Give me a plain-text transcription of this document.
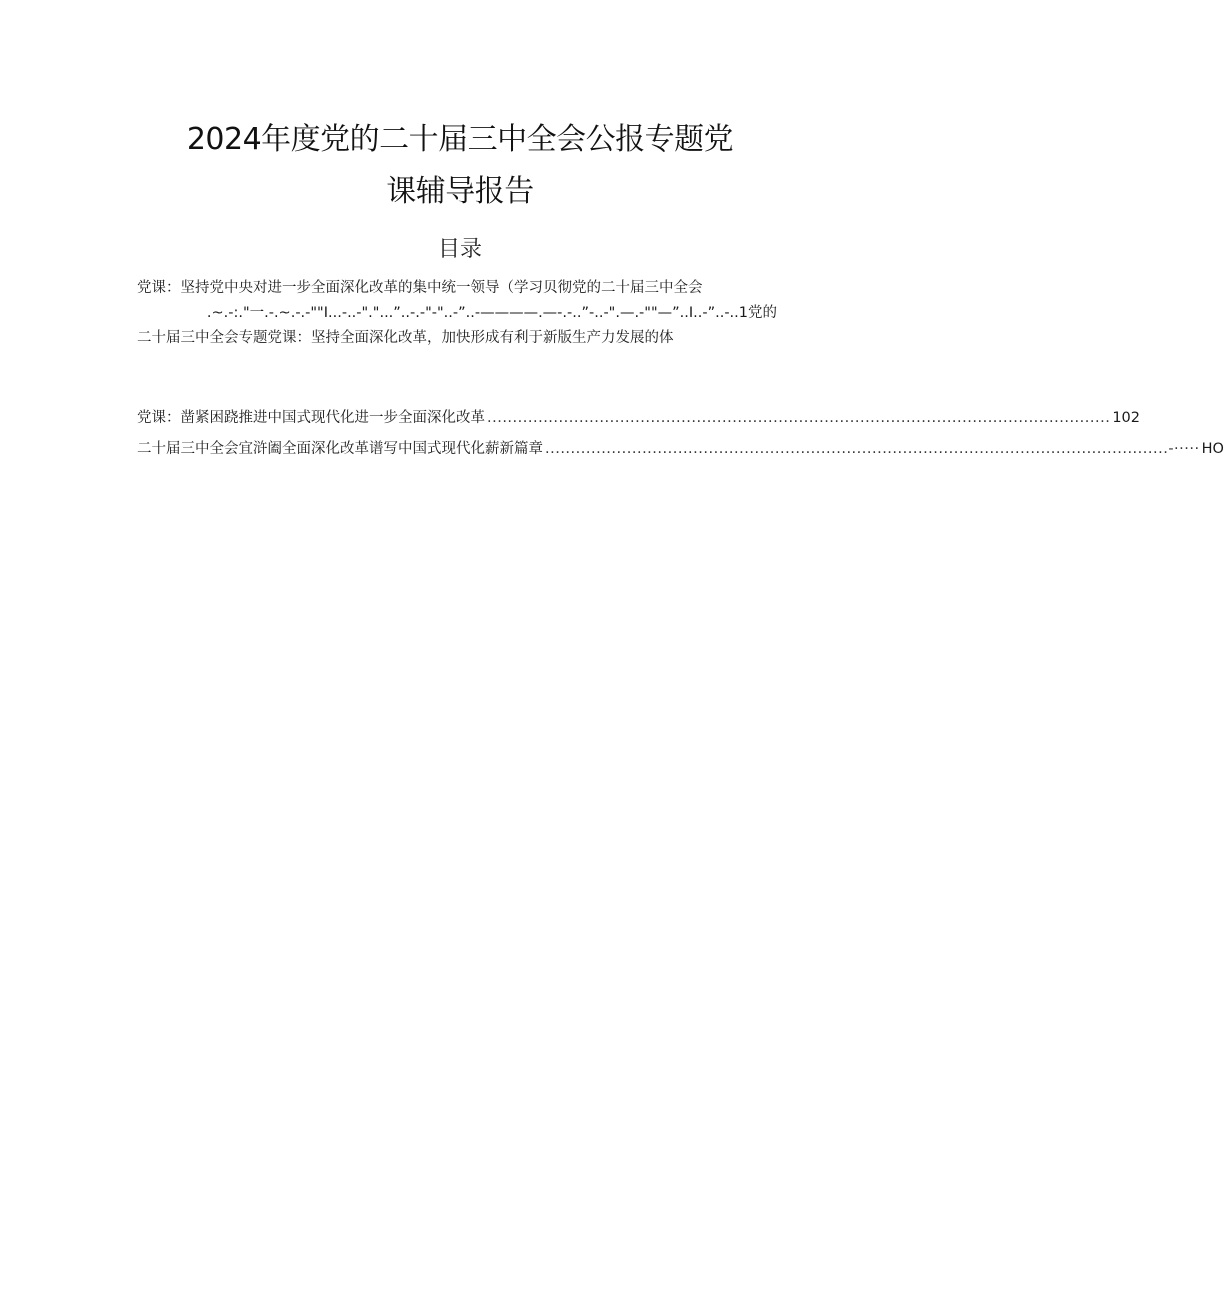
2024年度党的二十届三中全会公报专题党
课辅导报告
目录
党课：坚持党中央对进一步全面深化改革的集中统一领导（学习贝彻党的二十届三中全会
.~.-:."一.-.~.-.-""I...-..-"."...”..-.-"-"..-”..-————.—-.-..”-..-".—.-""—”..I..-”..-..1党的
二十届三中全会专题党课：坚持全面深化改革，加快形成有利于新版生产力发展的体
党课：凿紧困跷推进中国式现代化进一步全面深化改革 .......................................................................................................................... 102
二十届三中全会宜浒阖全面深化改革谱写中国式现代化薪新篇章 ..........................................................................................................................-····· HO
